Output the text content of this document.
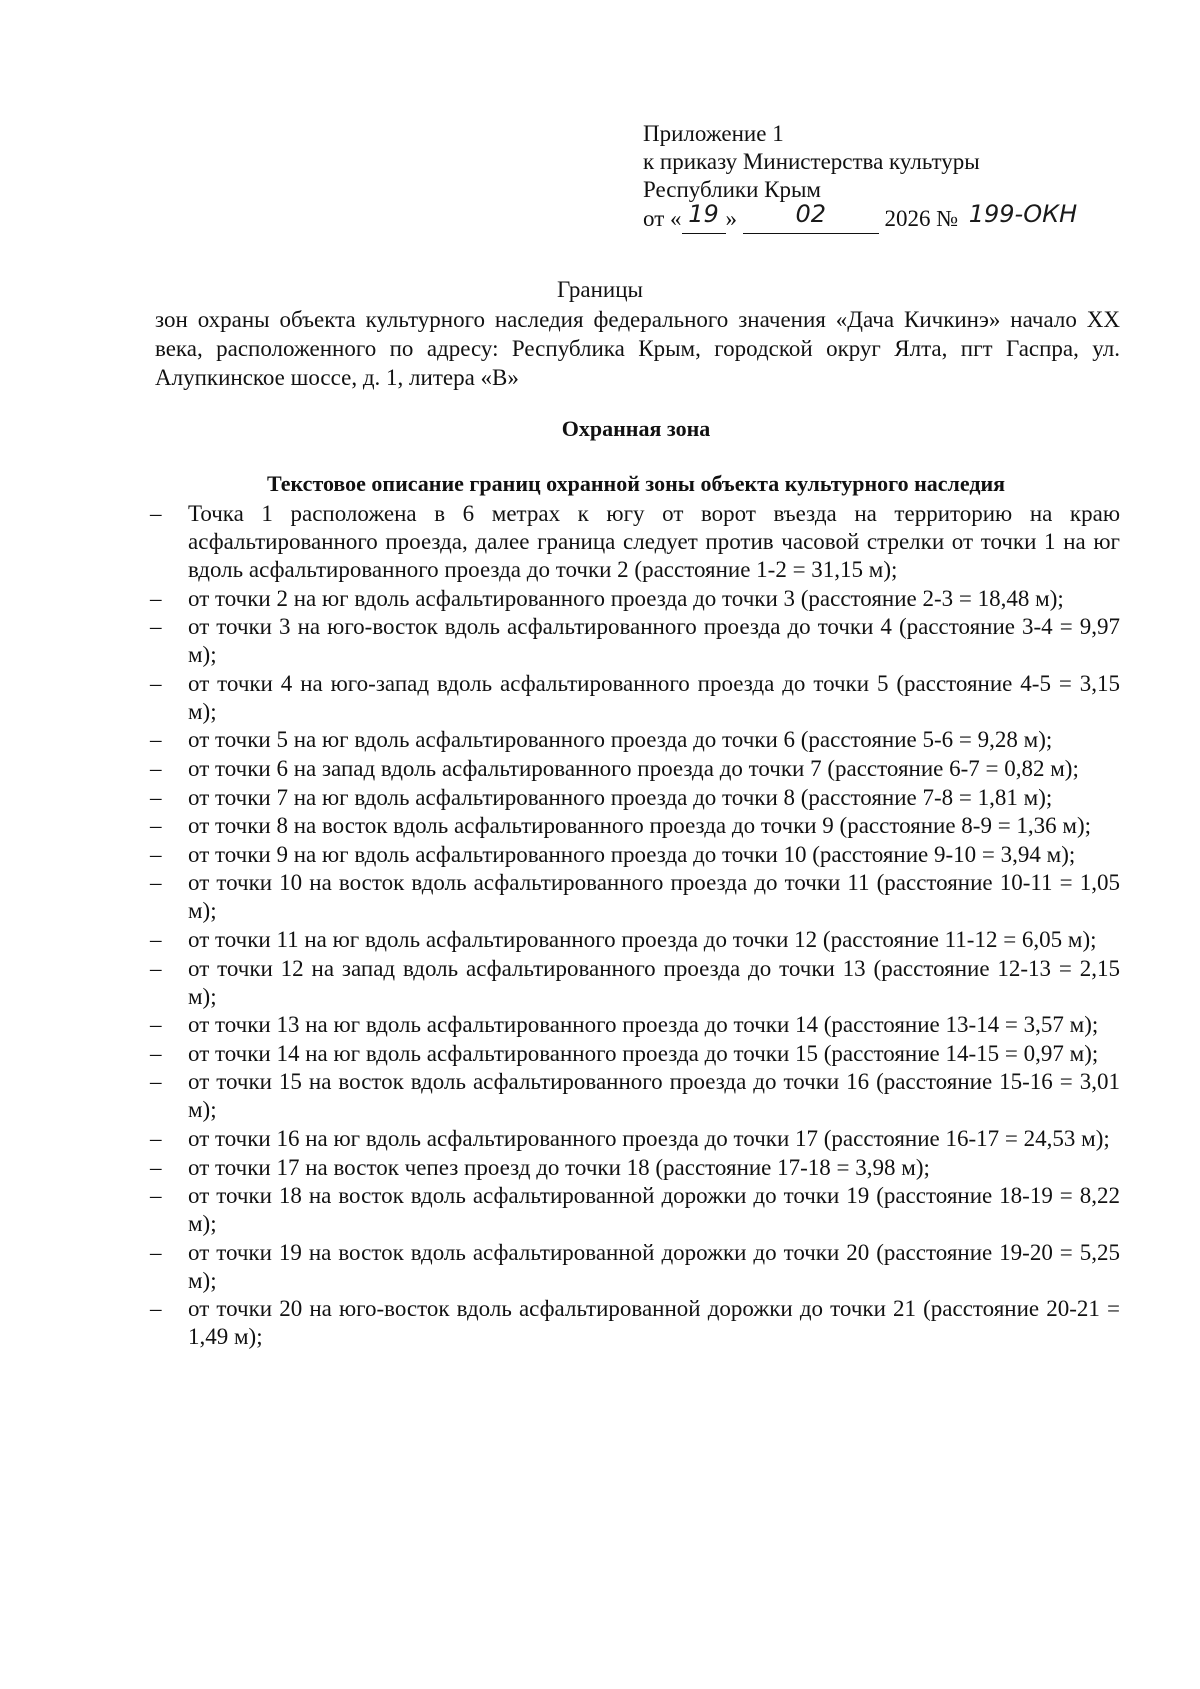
Приложение 1
к приказу Министерства культуры
Республики Крым
от « 19 » 02	2026 № 199-ОКН
Границы
зон охраны объекта культурного наследия федерального значения «Дача Кичкинэ» начало XX века, расположенного по адресу: Республика Крым, городской округ Ялта, пгт Гаспра, ул. Алупкинское шоссе, д. 1, литера «В»
Охранная зона
Текстовое описание границ охранной зоны объекта культурного наследия
– Точка 1 расположена в 6 метрах к югу от ворот въезда на территорию на краю асфальтированного проезда, далее граница следует против часовой стрелки от точки 1 на юг вдоль асфальтированного проезда до точки 2 (расстояние 1-2 = 31,15 м);
– от точки 2 на юг вдоль асфальтированного проезда до точки 3 (расстояние 2-3 = 18,48 м);
– от точки 3 на юго-восток вдоль асфальтированного проезда до точки 4 (расстояние 3-4 = 9,97 м);
– от точки 4 на юго-запад вдоль асфальтированного проезда до точки 5 (расстояние 4-5 = 3,15 м);
– от точки 5 на юг вдоль асфальтированного проезда до точки 6 (расстояние 5-6 = 9,28 м);
– от точки 6 на запад вдоль асфальтированного проезда до точки 7 (расстояние 6-7 = 0,82 м);
– от точки 7 на юг вдоль асфальтированного проезда до точки 8 (расстояние 7-8 = 1,81 м);
– от точки 8 на восток вдоль асфальтированного проезда до точки 9 (расстояние 8-9 = 1,36 м);
– от точки 9 на юг вдоль асфальтированного проезда до точки 10 (расстояние 9-10 = 3,94 м);
– от точки 10 на восток вдоль асфальтированного проезда до точки 11 (расстояние 10-11 = 1,05 м);
– от точки 11 на юг вдоль асфальтированного проезда до точки 12 (расстояние 11-12 = 6,05 м);
– от точки 12 на запад вдоль асфальтированного проезда до точки 13 (расстояние 12-13 = 2,15 м);
– от точки 13 на юг вдоль асфальтированного проезда до точки 14 (расстояние 13-14 = 3,57 м);
– от точки 14 на юг вдоль асфальтированного проезда до точки 15 (расстояние 14-15 = 0,97 м);
– от точки 15 на восток вдоль асфальтированного проезда до точки 16 (расстояние 15-16 = 3,01 м);
– от точки 16 на юг вдоль асфальтированного проезда до точки 17 (расстояние 16-17 = 24,53 м);
– от точки 17 на восток чепез проезд до точки 18 (расстояние 17-18 = 3,98 м);
– от точки 18 на восток вдоль асфальтированной дорожки до точки 19 (расстояние 18-19 = 8,22 м);
– от точки 19 на восток вдоль асфальтированной дорожки до точки 20 (расстояние 19-20 = 5,25 м);
– от точки 20 на юго-восток вдоль асфальтированной дорожки до точки 21 (расстояние 20-21 = 1,49 м);
